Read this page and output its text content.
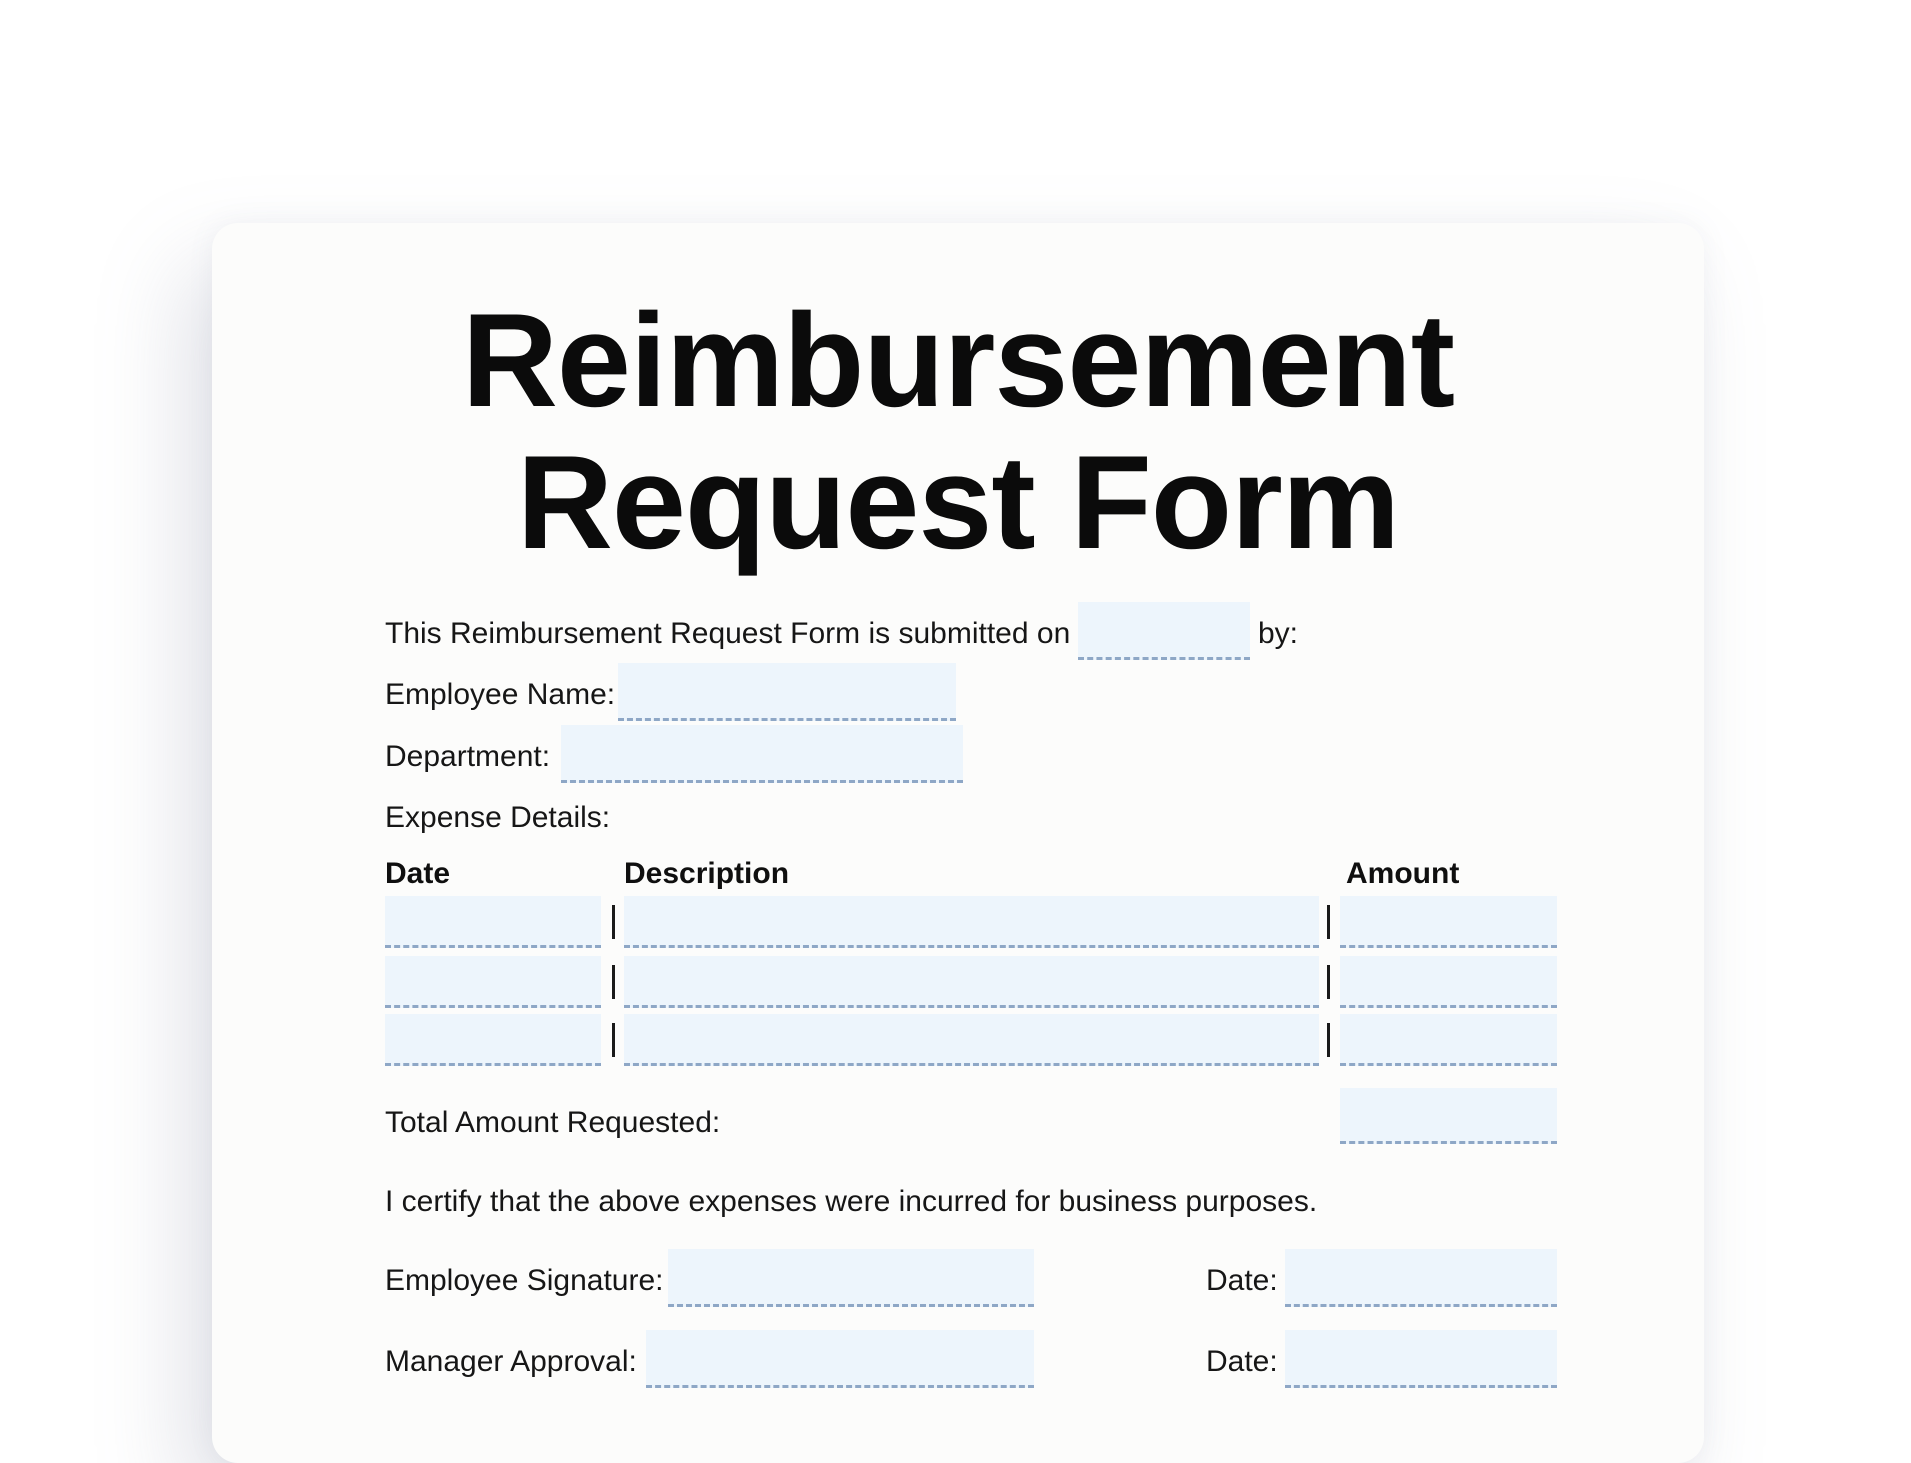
Reimbursement
Request Form
This Reimbursement Request Form is submitted on	by:
Employee Name:
Department:
Expense Details:
Date	Description	Amount
Total Amount Requested:
I certify that the above expenses were incurred for business purposes.
Employee Signature:	Date:
Manager Approval:	Date:
